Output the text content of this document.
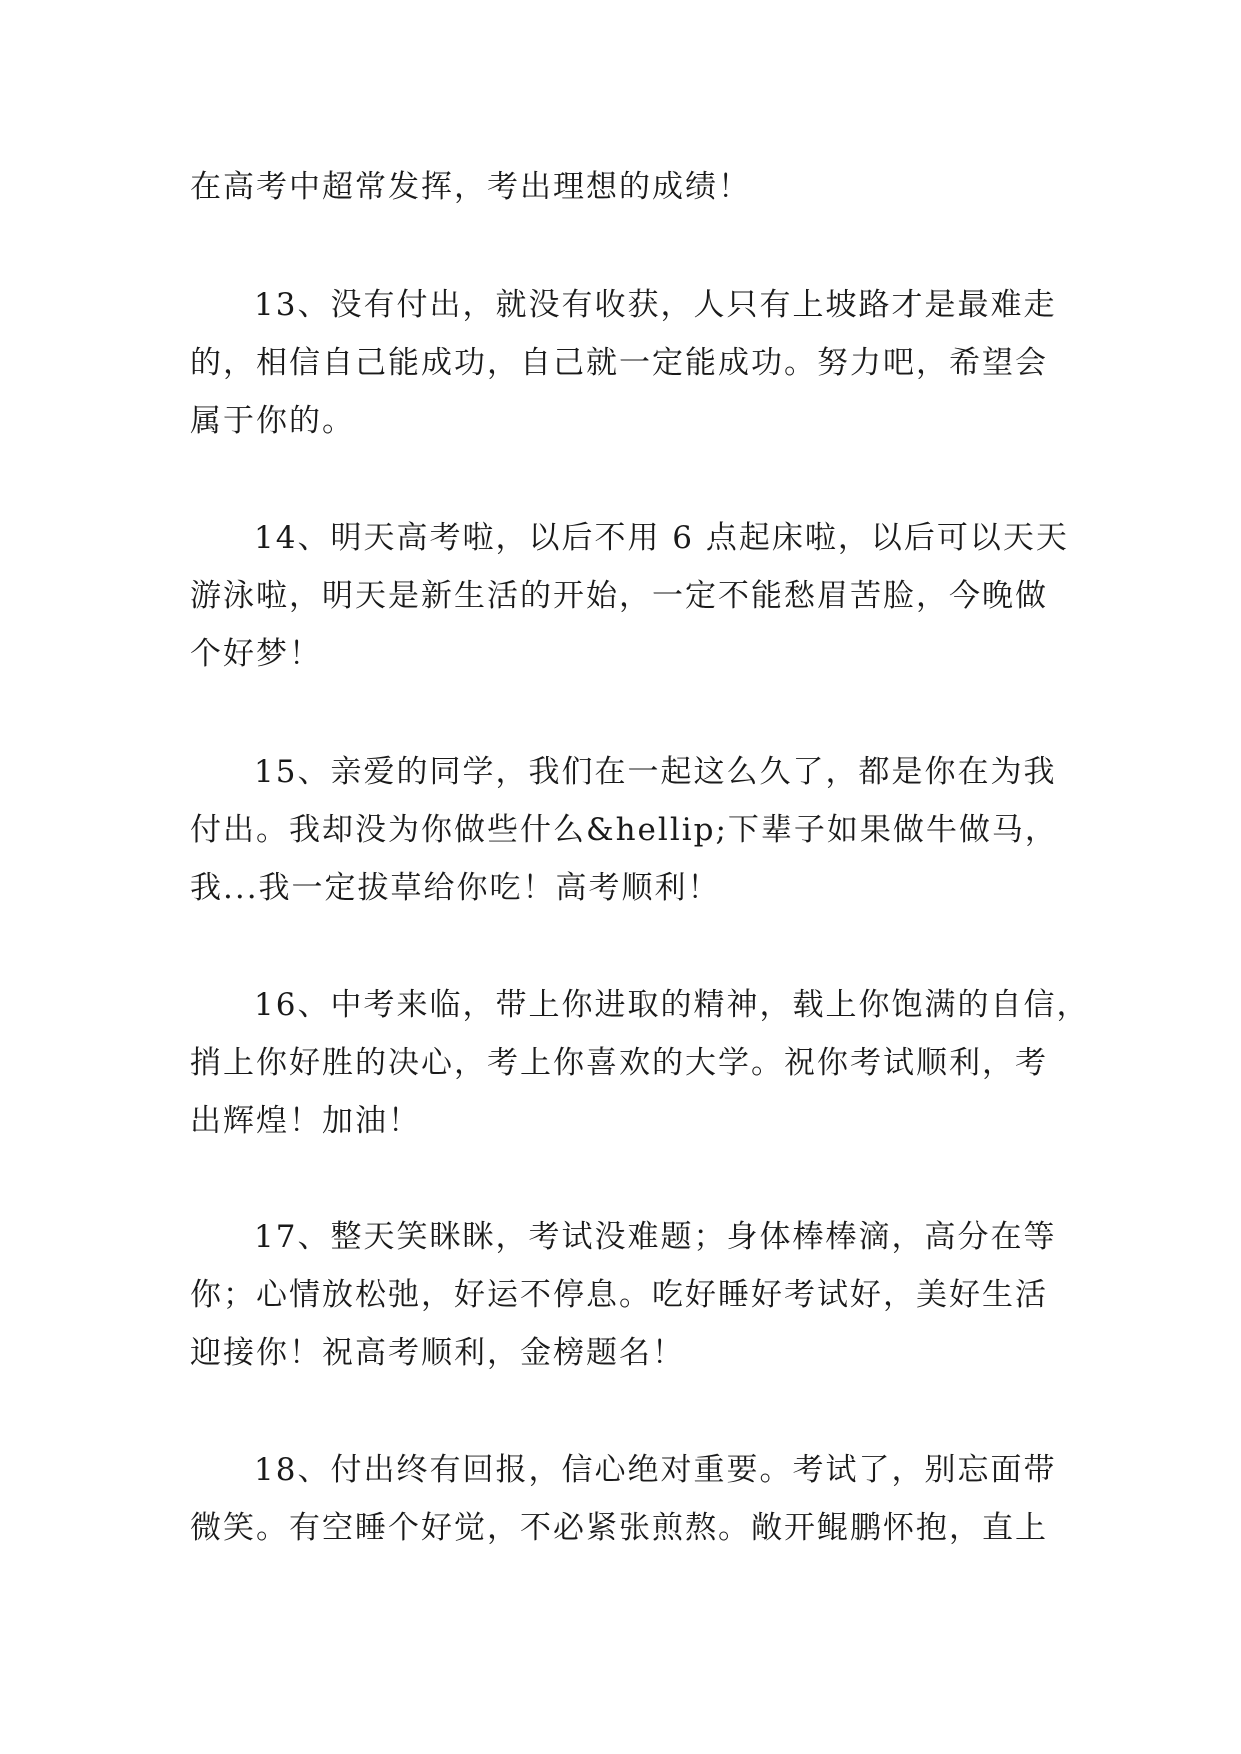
在高考中超常发挥，考出理想的成绩！

13、没有付出，就没有收获，人只有上坡路才是最难走
的，相信自己能成功，自己就一定能成功。努力吧，希望会
属于你的。

14、明天高考啦，以后不用 6 点起床啦，以后可以天天
游泳啦，明天是新生活的开始，一定不能愁眉苦脸，今晚做
个好梦！

15、亲爱的同学，我们在一起这么久了，都是你在为我
付出。我却没为你做些什么&hellip;下辈子如果做牛做马，
我...我一定拔草给你吃！高考顺利！

16、中考来临，带上你进取的精神，载上你饱满的自信，
捎上你好胜的决心，考上你喜欢的大学。祝你考试顺利，考
出辉煌！加油！

17、整天笑眯眯，考试没难题；身体棒棒滴，高分在等
你；心情放松弛，好运不停息。吃好睡好考试好，美好生活
迎接你！祝高考顺利，金榜题名！

18、付出终有回报，信心绝对重要。考试了，别忘面带
微笑。有空睡个好觉，不必紧张煎熬。敞开鲲鹏怀抱，直上
